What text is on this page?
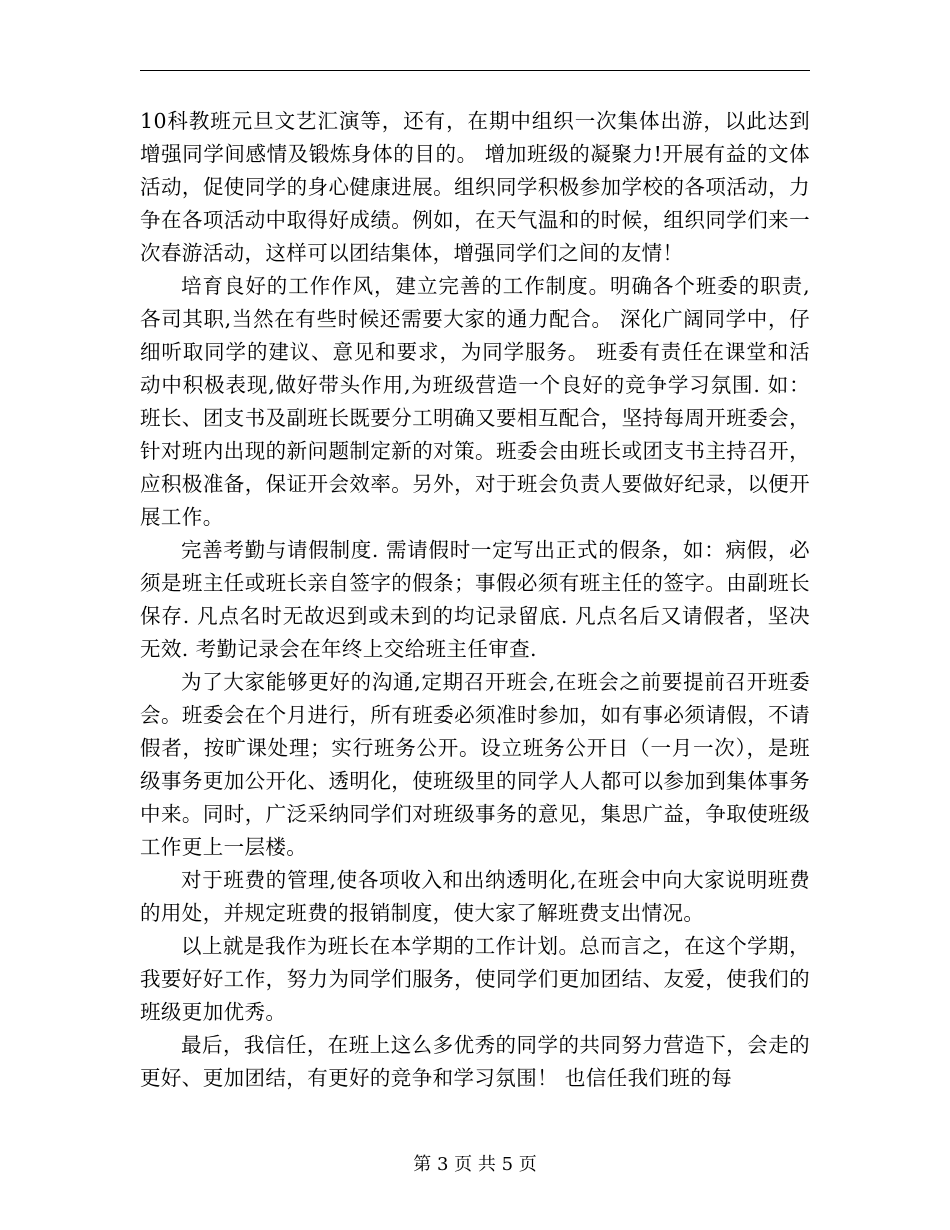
10科教班元旦文艺汇演等，还有，在期中组织一次集体出游，以此达到增强同学间感情及锻炼身体的目的。 增加班级的凝聚力!开展有益的文体活动，促使同学的身心健康进展。组织同学积极参加学校的各项活动，力争在各项活动中取得好成绩。例如，在天气温和的时候，组织同学们来一次春游活动，这样可以团结集体，增强同学们之间的友情！

培育良好的工作作风，建立完善的工作制度。明确各个班委的职责,各司其职,当然在有些时候还需要大家的通力配合。 深化广阔同学中，仔细听取同学的建议、意见和要求，为同学服务。 班委有责任在课堂和活动中积极表现,做好带头作用,为班级营造一个良好的竞争学习氛围. 如：班长、团支书及副班长既要分工明确又要相互配合，坚持每周开班委会，针对班内出现的新问题制定新的对策。班委会由班长或团支书主持召开，应积极准备，保证开会效率。另外，对于班会负责人要做好纪录，以便开展工作。

完善考勤与请假制度. 需请假时一定写出正式的假条，如：病假，必须是班主任或班长亲自签字的假条；事假必须有班主任的签字。由副班长保存. 凡点名时无故迟到或未到的均记录留底. 凡点名后又请假者，坚决无效. 考勤记录会在年终上交给班主任审查.

为了大家能够更好的沟通,定期召开班会,在班会之前要提前召开班委会。班委会在个月进行，所有班委必须准时参加，如有事必须请假，不请假者，按旷课处理；实行班务公开。设立班务公开日（一月一次），是班级事务更加公开化、透明化，使班级里的同学人人都可以参加到集体事务中来。同时，广泛采纳同学们对班级事务的意见，集思广益，争取使班级工作更上一层楼。

对于班费的管理,使各项收入和出纳透明化,在班会中向大家说明班费的用处，并规定班费的报销制度，使大家了解班费支出情况。

以上就是我作为班长在本学期的工作计划。总而言之，在这个学期，我要好好工作，努力为同学们服务，使同学们更加团结、友爱，使我们的班级更加优秀。

最后，我信任，在班上这么多优秀的同学的共同努力营造下，会走的更好、更加团结，有更好的竞争和学习氛围！ 也信任我们班的每

第 3 页 共 5 页
